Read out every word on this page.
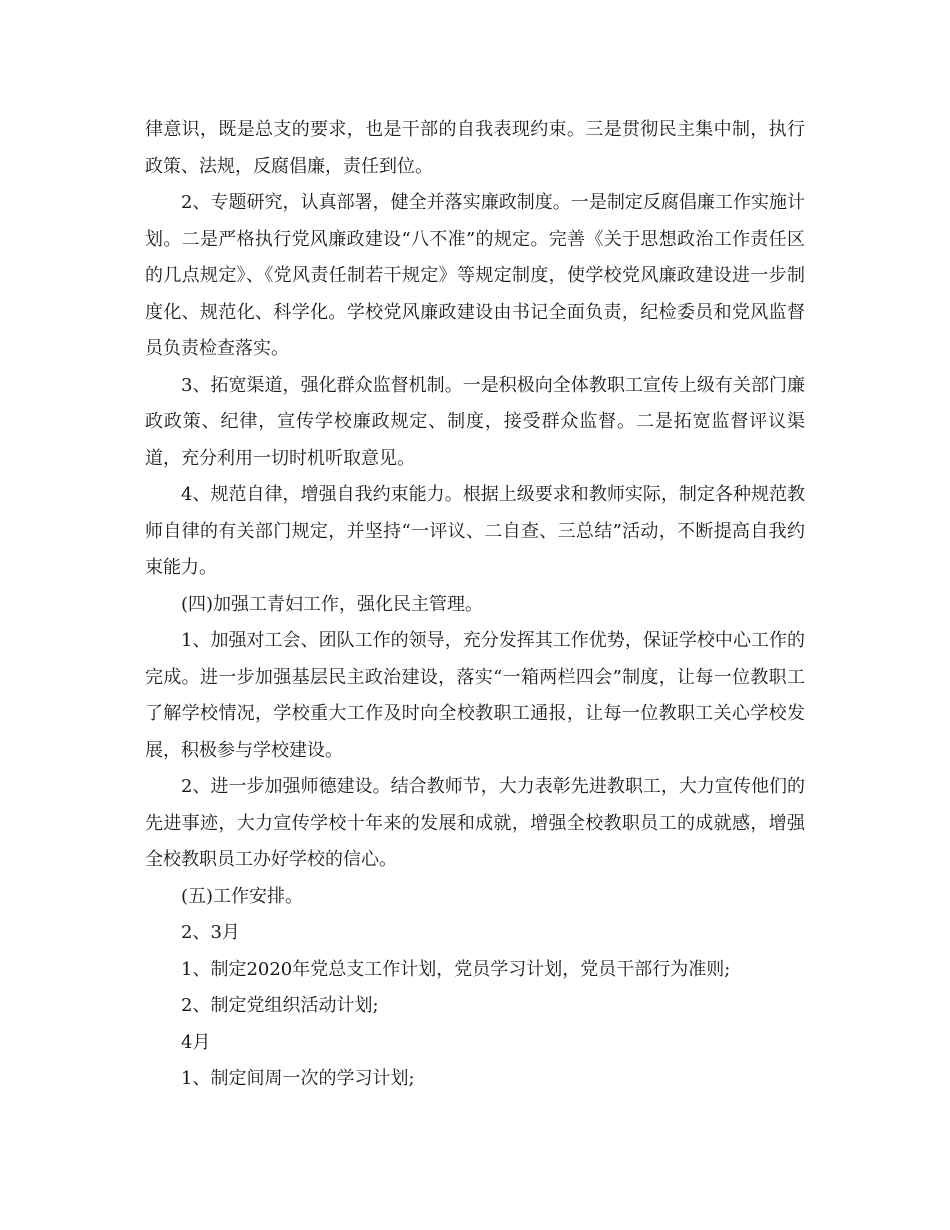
律意识，既是总支的要求，也是干部的自我表现约束。三是贯彻民主集中制，执行政策、法规，反腐倡廉，责任到位。

2、专题研究，认真部署，健全并落实廉政制度。一是制定反腐倡廉工作实施计划。二是严格执行党风廉政建设“八不准”的规定。完善《关于思想政治工作责任区的几点规定》、《党风责任制若干规定》等规定制度，使学校党风廉政建设进一步制度化、规范化、科学化。学校党风廉政建设由书记全面负责，纪检委员和党风监督员负责检查落实。

3、拓宽渠道，强化群众监督机制。一是积极向全体教职工宣传上级有关部门廉政政策、纪律，宣传学校廉政规定、制度，接受群众监督。二是拓宽监督评议渠道，充分利用一切时机听取意见。

4、规范自律，增强自我约束能力。根据上级要求和教师实际，制定各种规范教师自律的有关部门规定，并坚持“一评议、二自查、三总结”活动，不断提高自我约束能力。

(四)加强工青妇工作，强化民主管理。

1、加强对工会、团队工作的领导，充分发挥其工作优势，保证学校中心工作的完成。进一步加强基层民主政治建设，落实“一箱两栏四会”制度，让每一位教职工了解学校情况，学校重大工作及时向全校教职工通报，让每一位教职工关心学校发展，积极参与学校建设。

2、进一步加强师德建设。结合教师节，大力表彰先进教职工，大力宣传他们的先进事迹，大力宣传学校十年来的发展和成就，增强全校教职员工的成就感，增强全校教职员工办好学校的信心。

(五)工作安排。

2、3月

1、制定2020年党总支工作计划，党员学习计划，党员干部行为准则;

2、制定党组织活动计划;

4月

1、制定间周一次的学习计划;
